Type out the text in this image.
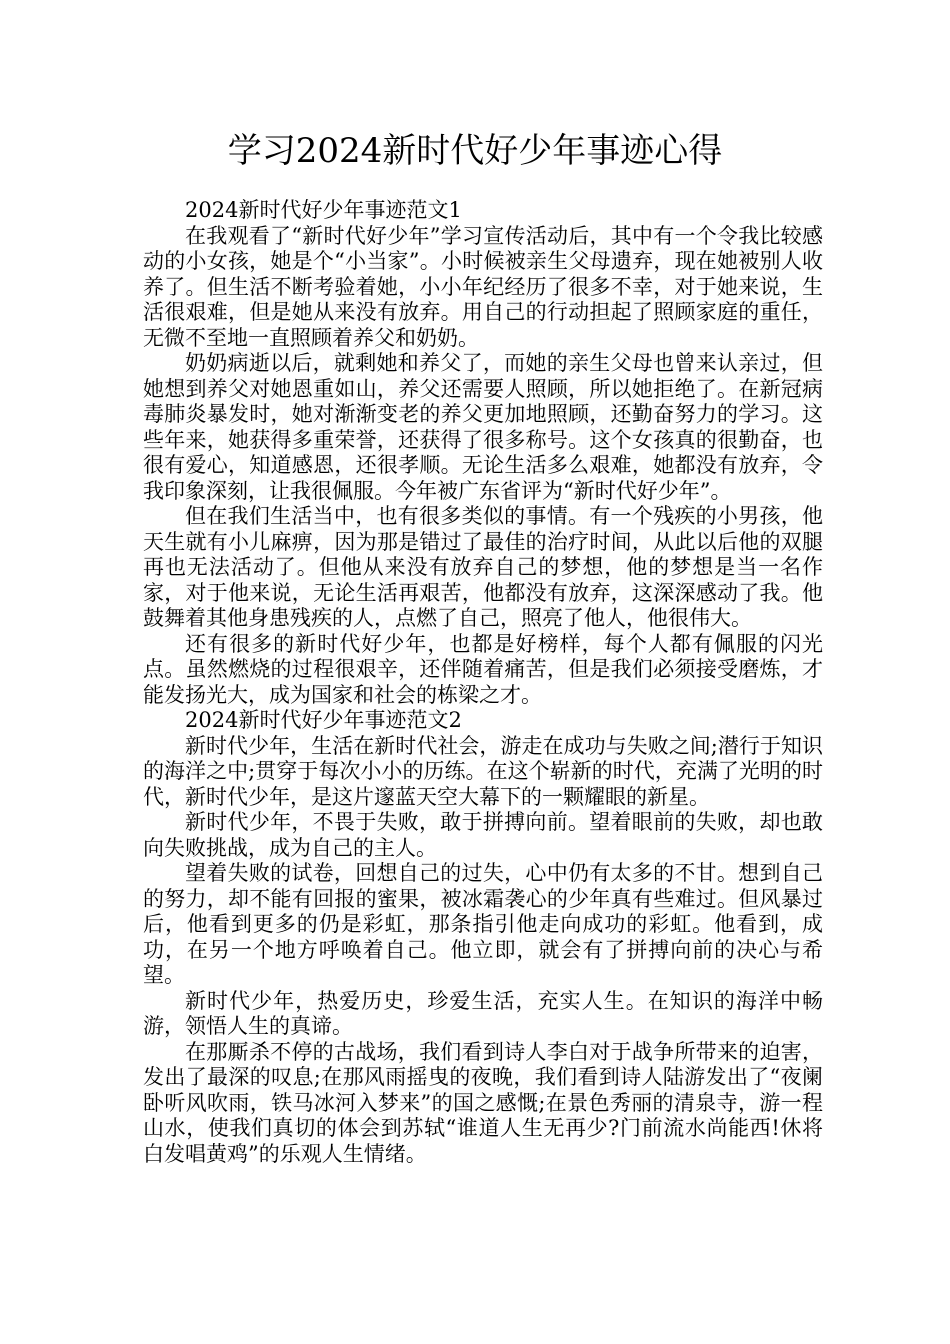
学习2024新时代好少年事迹心得

2024新时代好少年事迹范文1

在我观看了“新时代好少年”学习宣传活动后，其中有一个令我比较感动的小女孩，她是个“小当家”。小时候被亲生父母遗弃，现在她被别人收养了。但生活不断考验着她，小小年纪经历了很多不幸，对于她来说，生活很艰难，但是她从来没有放弃。用自己的行动担起了照顾家庭的重任，无微不至地一直照顾着养父和奶奶。

奶奶病逝以后，就剩她和养父了，而她的亲生父母也曾来认亲过，但她想到养父对她恩重如山，养父还需要人照顾，所以她拒绝了。在新冠病毒肺炎暴发时，她对渐渐变老的养父更加地照顾，还勤奋努力的学习。这些年来，她获得多重荣誉，还获得了很多称号。这个女孩真的很勤奋，也很有爱心，知道感恩，还很孝顺。无论生活多么艰难，她都没有放弃，令我印象深刻，让我很佩服。今年被广东省评为“新时代好少年”。

但在我们生活当中，也有很多类似的事情。有一个残疾的小男孩，他天生就有小儿麻痹，因为那是错过了最佳的治疗时间，从此以后他的双腿再也无法活动了。但他从来没有放弃自己的梦想，他的梦想是当一名作家，对于他来说，无论生活再艰苦，他都没有放弃，这深深感动了我。他鼓舞着其他身患残疾的人，点燃了自己，照亮了他人，他很伟大。

还有很多的新时代好少年，也都是好榜样，每个人都有佩服的闪光点。虽然燃烧的过程很艰辛，还伴随着痛苦，但是我们必须接受磨炼，才能发扬光大，成为国家和社会的栋梁之才。

2024新时代好少年事迹范文2

新时代少年，生活在新时代社会，游走在成功与失败之间;潜行于知识的海洋之中;贯穿于每次小小的历练。在这个崭新的时代，充满了光明的时代，新时代少年，是这片邃蓝天空大幕下的一颗耀眼的新星。

新时代少年，不畏于失败，敢于拼搏向前。望着眼前的失败，却也敢向失败挑战，成为自己的主人。

望着失败的试卷，回想自己的过失，心中仍有太多的不甘。想到自己的努力，却不能有回报的蜜果，被冰霜袭心的少年真有些难过。但风暴过后，他看到更多的仍是彩虹，那条指引他走向成功的彩虹。他看到，成功，在另一个地方呼唤着自己。他立即，就会有了拼搏向前的决心与希望。

新时代少年，热爱历史，珍爱生活，充实人生。在知识的海洋中畅游，领悟人生的真谛。

在那厮杀不停的古战场，我们看到诗人李白对于战争所带来的迫害，发出了最深的叹息;在那风雨摇曳的夜晚，我们看到诗人陆游发出了“夜阑卧听风吹雨，铁马冰河入梦来”的国之感慨;在景色秀丽的清泉寺，游一程山水，使我们真切的体会到苏轼“谁道人生无再少?门前流水尚能西!休将白发唱黄鸡”的乐观人生情绪。
